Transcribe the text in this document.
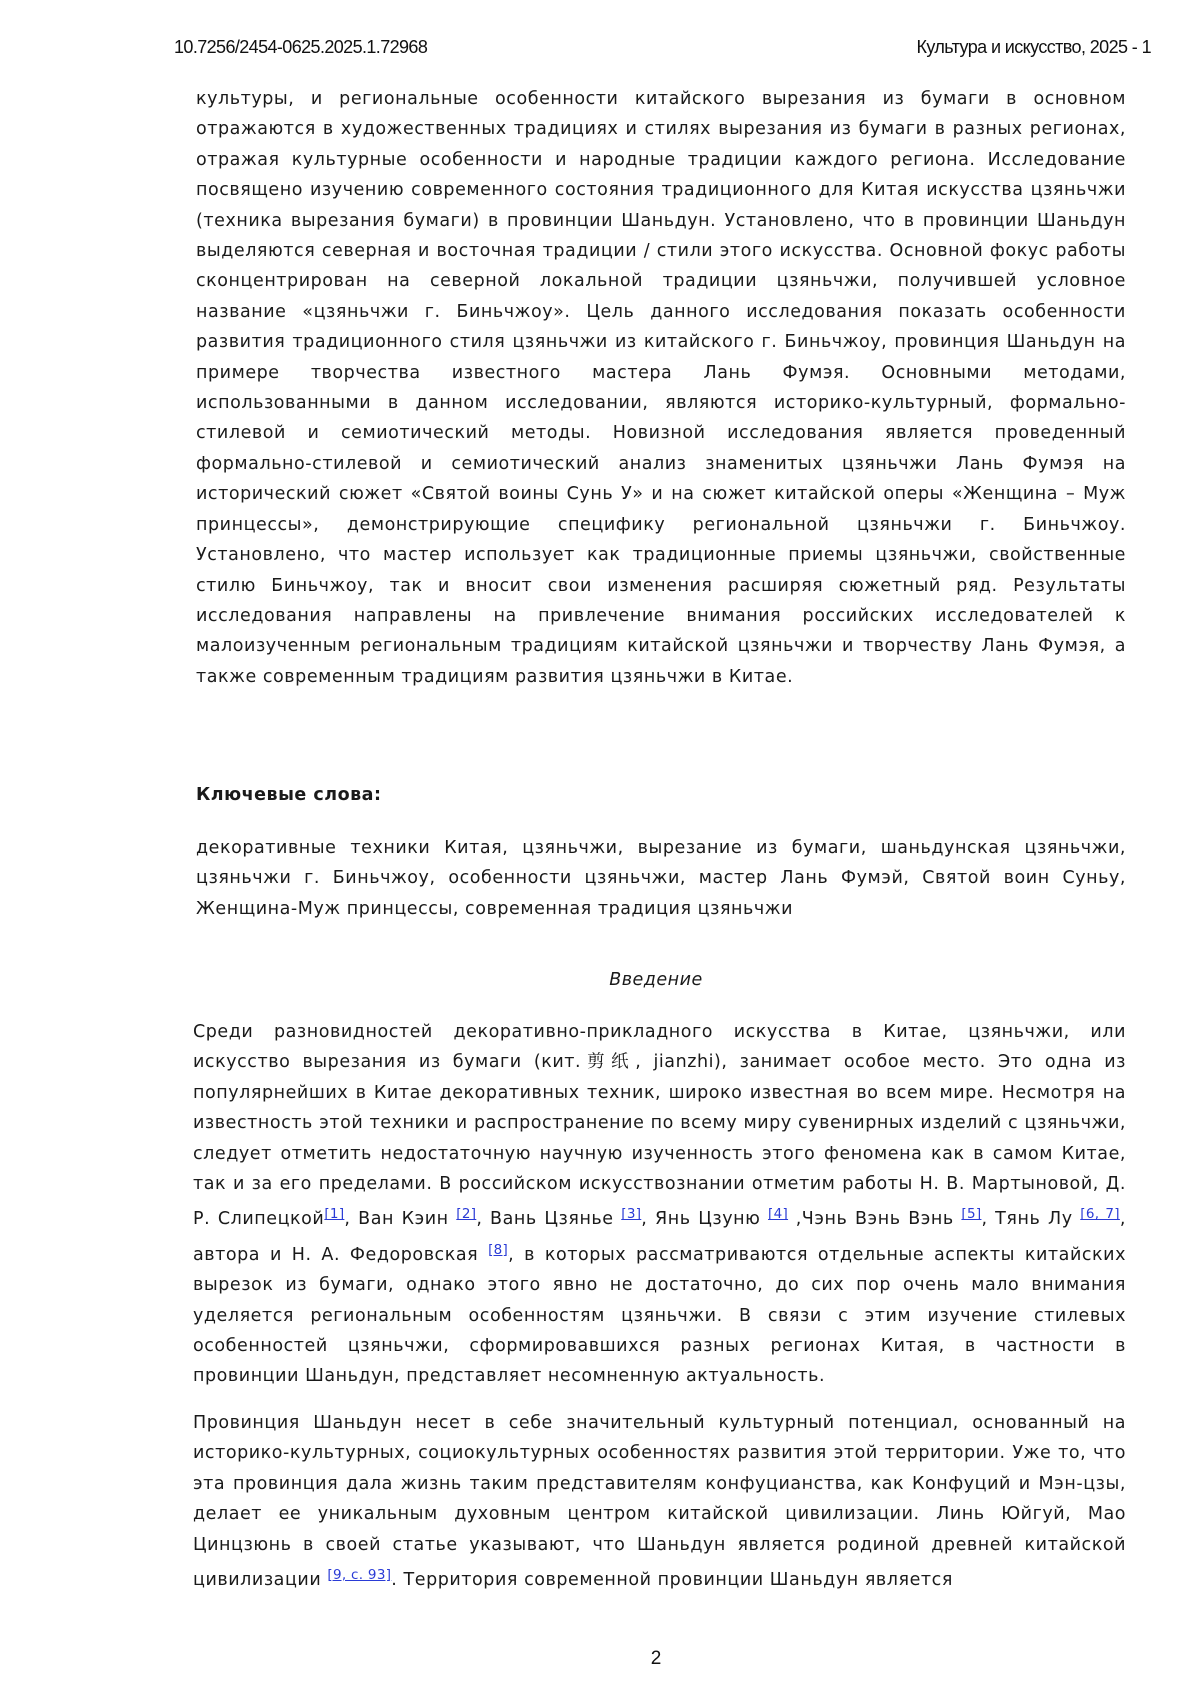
10.7256/2454-0625.2025.1.72968	Культура и искусство, 2025 - 1

культуры, и региональные особенности китайского вырезания из бумаги в основном отражаются в художественных традициях и стилях вырезания из бумаги в разных регионах, отражая культурные особенности и народные традиции каждого региона. Исследование посвящено изучению современного состояния традиционного для Китая искусства цзяньчжи (техника вырезания бумаги) в провинции Шаньдун. Установлено, что в провинции Шаньдун выделяются северная и восточная традиции / стили этого искусства. Основной фокус работы сконцентрирован на северной локальной традиции цзяньчжи, получившей условное название «цзяньчжи г. Биньчжоу». Цель данного исследования показать особенности развития традиционного стиля цзяньчжи из китайского г. Биньчжоу, провинция Шаньдун на примере творчества известного мастера Лань Фумэя. Основными методами, использованными в данном исследовании, являются историко-культурный, формально-стилевой и семиотический методы. Новизной исследования является проведенный формально-стилевой и семиотический анализ знаменитых цзяньчжи Лань Фумэя на исторический сюжет «Святой воины Сунь У» и на сюжет китайской оперы «Женщина – Муж принцессы», демонстрирующие специфику региональной цзяньчжи г. Биньчжоу. Установлено, что мастер использует как традиционные приемы цзяньчжи, свойственные стилю Биньчжоу, так и вносит свои изменения расширяя сюжетный ряд. Результаты исследования направлены на привлечение внимания российских исследователей к малоизученным региональным традициям китайской цзяньчжи и творчеству Лань Фумэя, а также современным традициям развития цзяньчжи в Китае.

Ключевые слова:

декоративные техники Китая, цзяньчжи, вырезание из бумаги, шаньдунская цзяньчжи, цзяньчжи г. Биньчжоу, особенности цзяньчжи, мастер Лань Фумэй, Святой воин Суньу, Женщина-Муж принцессы, современная традиция цзяньчжи

Введение

Среди разновидностей декоративно-прикладного искусства в Китае, цзяньчжи, или искусство вырезания из бумаги (кит.剪纸, jianzhi), занимает особое место. Это одна из популярнейших в Китае декоративных техник, широко известная во всем мире. Несмотря на известность этой техники и распространение по всему миру сувенирных изделий с цзяньчжи, следует отметить недостаточную научную изученность этого феномена как в самом Китае, так и за его пределами. В российском искусствознании отметим работы Н. В. Мартыновой, Д. Р. Слипецкой[1], Ван Кэин [2], Вань Цзянье [3], Янь Цзуню [4] ,Чэнь Вэнь Вэнь [5], Тянь Лу [6, 7], автора и Н. А. Федоровская [8], в которых рассматриваются отдельные аспекты китайских вырезок из бумаги, однако этого явно не достаточно, до сих пор очень мало внимания уделяется региональным особенностям цзяньчжи. В связи с этим изучение стилевых особенностей цзяньчжи, сформировавшихся разных регионах Китая, в частности в провинции Шаньдун, представляет несомненную актуальность.

Провинция Шаньдун несет в себе значительный культурный потенциал, основанный на историко-культурных, социокультурных особенностях развития этой территории. Уже то, что эта провинция дала жизнь таким представителям конфуцианства, как Конфуций и Мэн-цзы, делает ее уникальным духовным центром китайской цивилизации. Линь Юйгуй, Мао Цинцзюнь в своей статье указывают, что Шаньдун является родиной древней китайской цивилизации [9, с. 93]. Территория современной провинции Шаньдун является

2
